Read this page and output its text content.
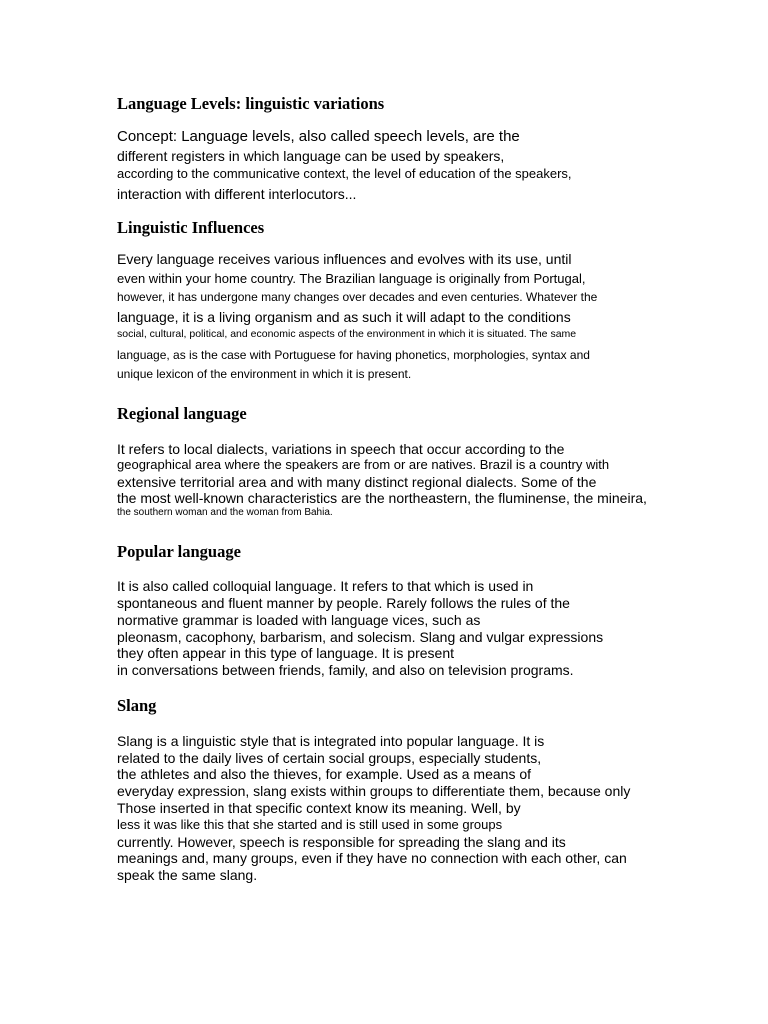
Language Levels: linguistic variations

Concept: Language levels, also called speech levels, are the

different registers in which language can be used by speakers,

according to the communicative context, the level of education of the speakers,

interaction with different interlocutors...

Linguistic Influences

Every language receives various influences and evolves with its use, until

even within your home country. The Brazilian language is originally from Portugal,

however, it has undergone many changes over decades and even centuries. Whatever the

language, it is a living organism and as such it will adapt to the conditions

social, cultural, political, and economic aspects of the environment in which it is situated. The same

language, as is the case with Portuguese for having phonetics, morphologies, syntax and

unique lexicon of the environment in which it is present.

Regional language

It refers to local dialects, variations in speech that occur according to the

geographical area where the speakers are from or are natives. Brazil is a country with

extensive territorial area and with many distinct regional dialects. Some of the

the most well-known characteristics are the northeastern, the fluminense, the mineira,

the southern woman and the woman from Bahia.

Popular language

It is also called colloquial language. It refers to that which is used in

spontaneous and fluent manner by people. Rarely follows the rules of the

normative grammar is loaded with language vices, such as

pleonasm, cacophony, barbarism, and solecism. Slang and vulgar expressions

they often appear in this type of language. It is present

in conversations between friends, family, and also on television programs.

Slang

Slang is a linguistic style that is integrated into popular language. It is

related to the daily lives of certain social groups, especially students,

the athletes and also the thieves, for example. Used as a means of

everyday expression, slang exists within groups to differentiate them, because only

Those inserted in that specific context know its meaning. Well, by

less it was like this that she started and is still used in some groups

currently. However, speech is responsible for spreading the slang and its

meanings and, many groups, even if they have no connection with each other, can

speak the same slang.
